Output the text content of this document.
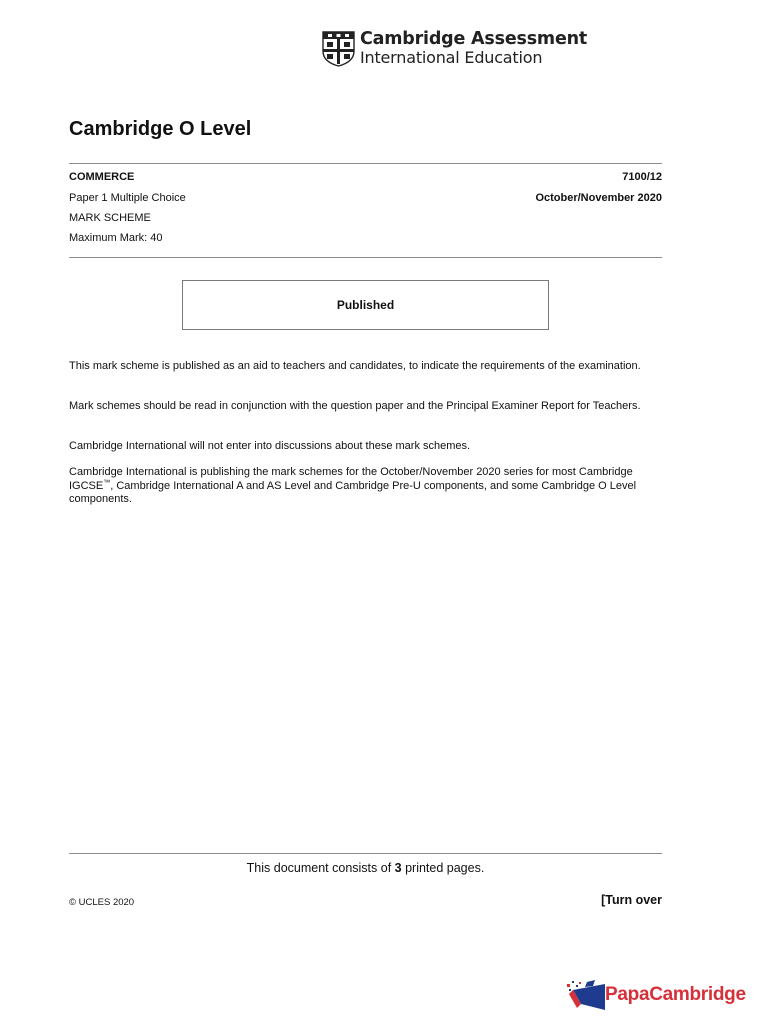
Cambridge Assessment
International Education
Cambridge O Level
COMMERCE	7100/12
Paper 1 Multiple Choice	October/November 2020
MARK SCHEME
Maximum Mark: 40
Published
This mark scheme is published as an aid to teachers and candidates, to indicate the requirements of the examination.
Mark schemes should be read in conjunction with the question paper and the Principal Examiner Report for Teachers.
Cambridge International will not enter into discussions about these mark schemes.
Cambridge International is publishing the mark schemes for the October/November 2020 series for most Cambridge IGCSE™, Cambridge International A and AS Level and Cambridge Pre-U components, and some Cambridge O Level components.
This document consists of 3 printed pages.
© UCLES 2020	[Turn over
PapaCambridge
